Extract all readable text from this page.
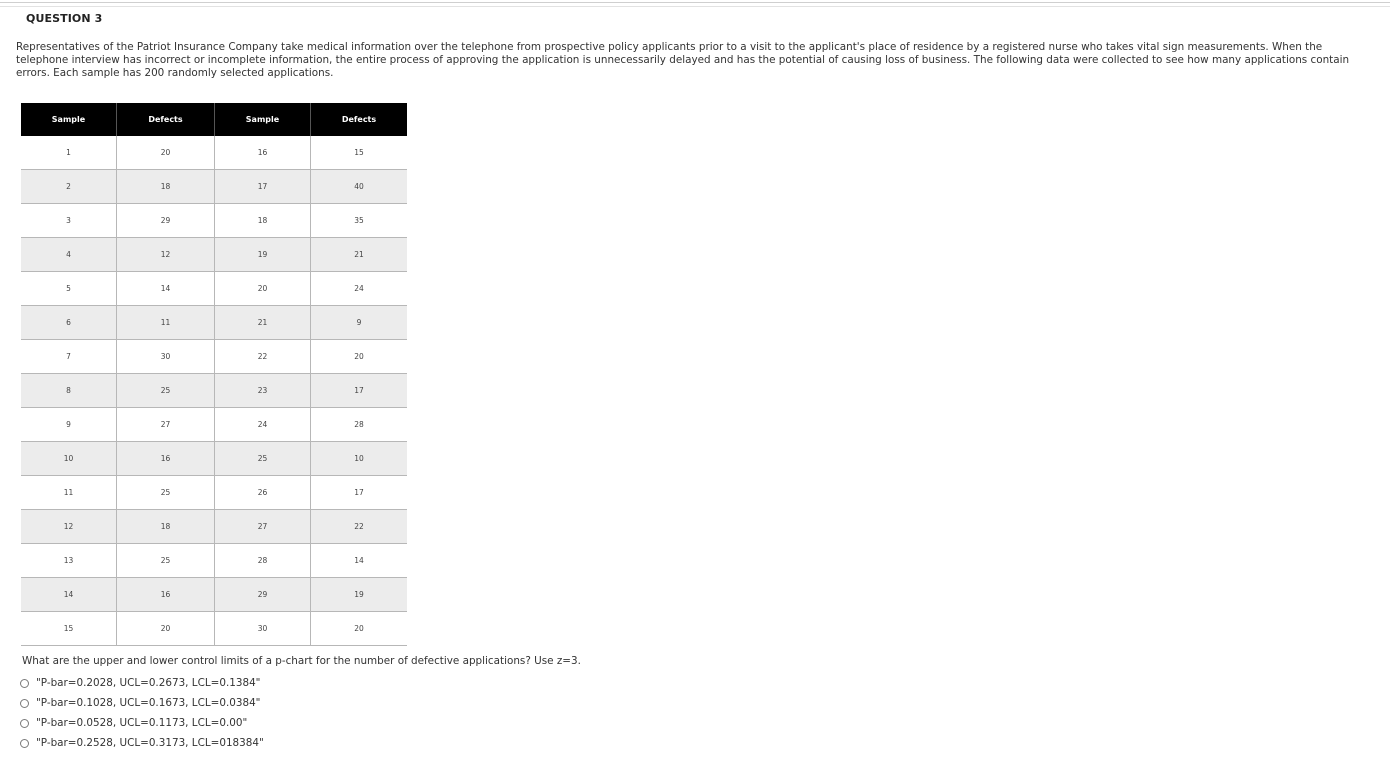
QUESTION 3
Representatives of the Patriot Insurance Company take medical information over the telephone from prospective policy applicants prior to a visit to the applicant's place of residence by a registered nurse who takes vital sign measurements. When the telephone interview has incorrect or incomplete information, the entire process of approving the application is unnecessarily delayed and has the potential of causing loss of business. The following data were collected to see how many applications contain errors. Each sample has 200 randomly selected applications.
Sample	Defects	Sample	Defects
1	20	16	15
2	18	17	40
3	29	18	35
4	12	19	21
5	14	20	24
6	11	21	9
7	30	22	20
8	25	23	17
9	27	24	28
10	16	25	10
11	25	26	17
12	18	27	22
13	25	28	14
14	16	29	19
15	20	30	20
What are the upper and lower control limits of a p-chart for the number of defective applications? Use z=3.
"P-bar=0.2028, UCL=0.2673, LCL=0.1384"
"P-bar=0.1028, UCL=0.1673, LCL=0.0384"
"P-bar=0.0528, UCL=0.1173, LCL=0.00"
"P-bar=0.2528, UCL=0.3173, LCL=018384"
